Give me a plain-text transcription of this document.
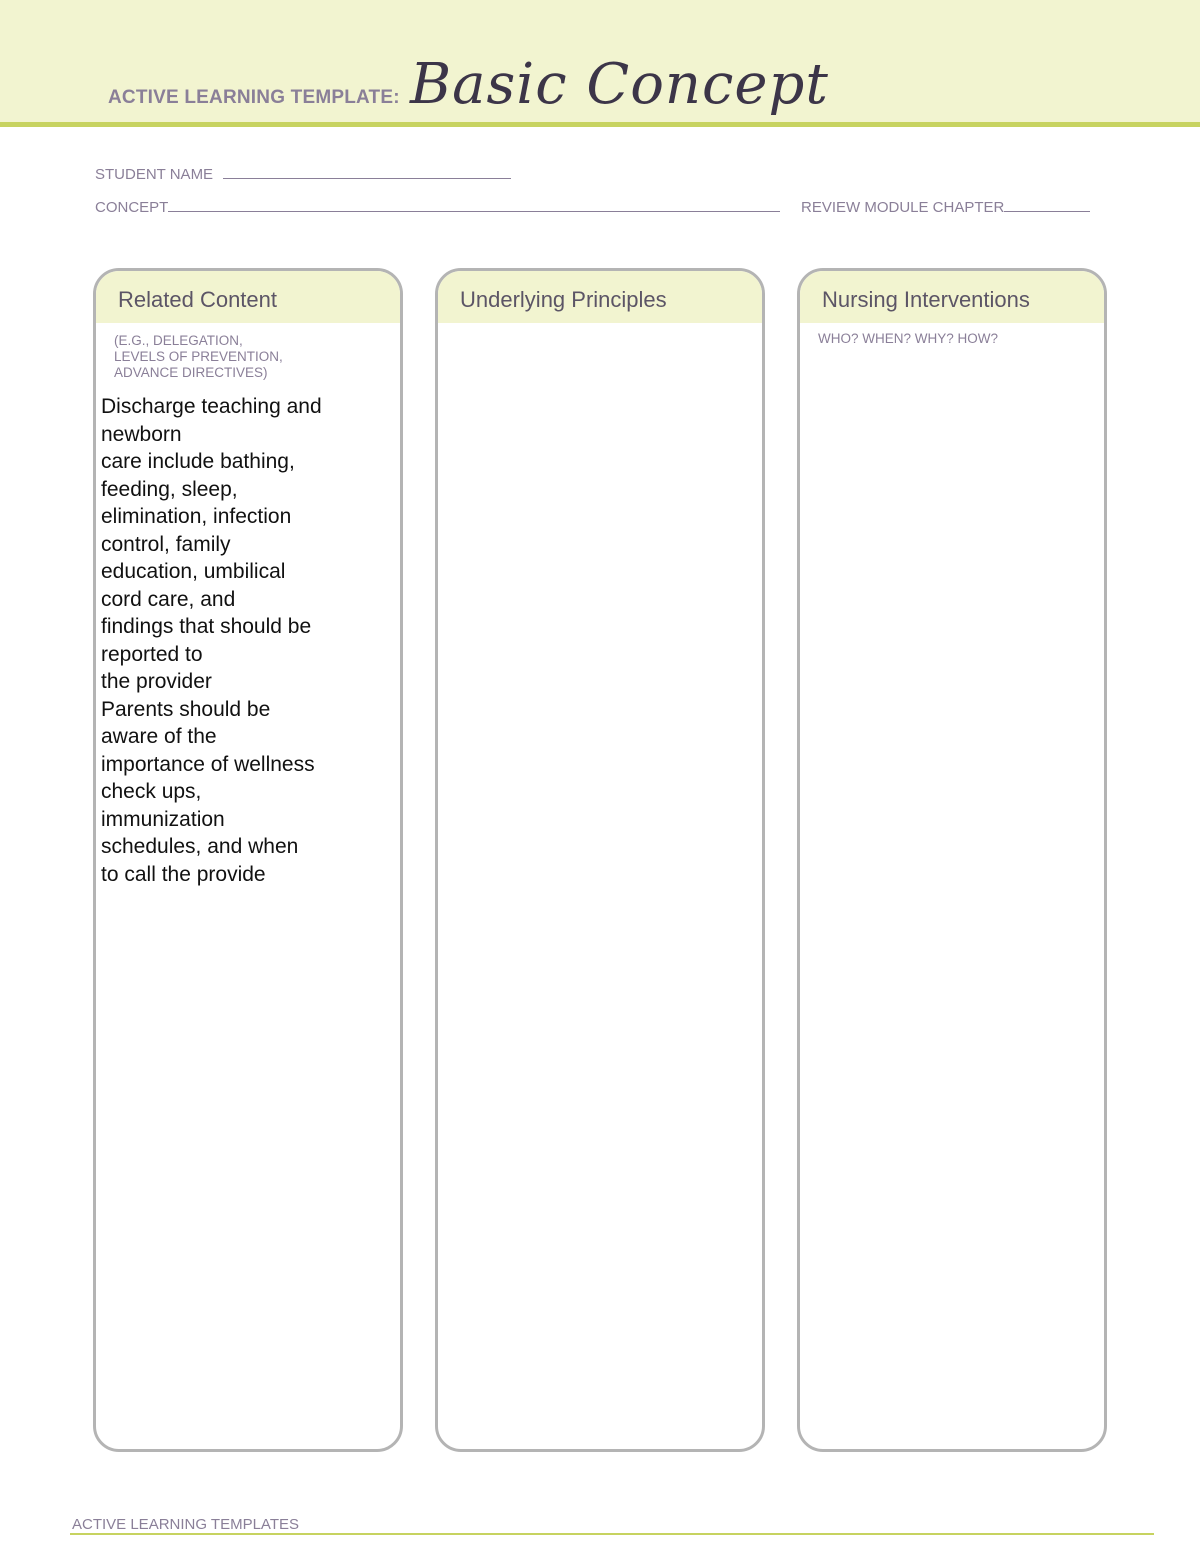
ACTIVE LEARNING TEMPLATE: Basic Concept
STUDENT NAME
CONCEPT	REVIEW MODULE CHAPTER
Related Content
(E.G., DELEGATION,
LEVELS OF PREVENTION,
ADVANCE DIRECTIVES)
Discharge teaching and
newborn
care include bathing,
feeding, sleep,
elimination, infection
control, family
education, umbilical
cord care, and
findings that should be
reported to
the provider
Parents should be
aware of the
importance of wellness
check ups,
immunization
schedules, and when
to call the provide
Underlying Principles	Nursing Interventions
WHO? WHEN? WHY? HOW?
ACTIVE LEARNING TEMPLATES
